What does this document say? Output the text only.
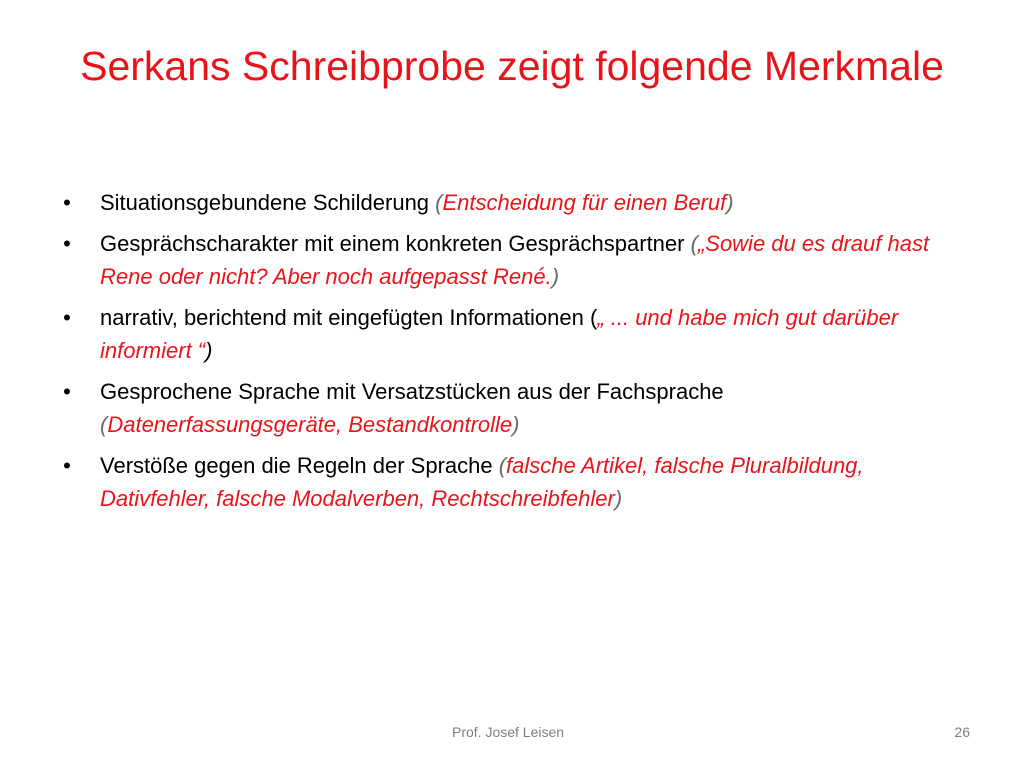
Serkans Schreibprobe zeigt folgende Merkmale
• Situationsgebundene Schilderung (Entscheidung für einen Beruf)
• Gesprächscharakter mit einem konkreten Gesprächspartner („Sowie du es drauf hast Rene oder nicht? Aber noch aufgepasst René.)
• narrativ, berichtend mit eingefügten Informationen („ ... und habe mich gut darüber informiert “)
• Gesprochene Sprache mit Versatzstücken aus der Fachsprache (Datenerfassungsgeräte, Bestandkontrolle)
• Verstöße gegen die Regeln der Sprache (falsche Artikel, falsche Pluralbildung, Dativfehler, falsche Modalverben, Rechtschreibfehler)
Prof. Josef Leisen	26
